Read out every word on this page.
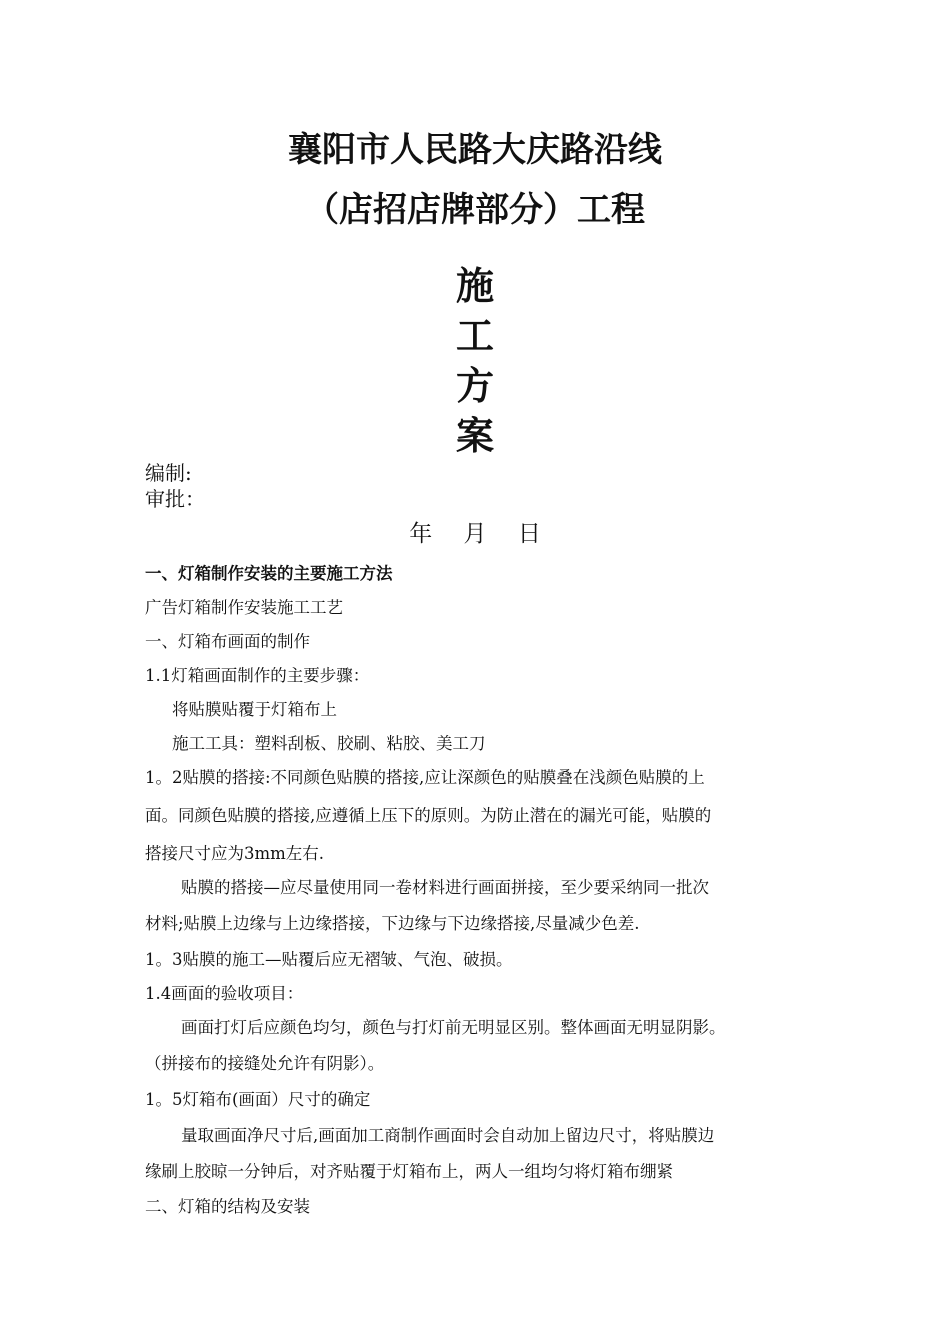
襄阳市人民路大庆路沿线
（店招店牌部分）工程
施
工
方
案
编制:
审批：
年 月 日
一、灯箱制作安装的主要施工方法
广告灯箱制作安装施工工艺
一、灯箱布画面的制作
1.1灯箱画面制作的主要步骤：
将贴膜贴覆于灯箱布上
施工工具：塑料刮板、胶刷、粘胶、美工刀
1。2贴膜的搭接:不同颜色贴膜的搭接,应让深颜色的贴膜叠在浅颜色贴膜的上
面。同颜色贴膜的搭接,应遵循上压下的原则。为防止潜在的漏光可能，贴膜的
搭接尺寸应为3mm左右.
贴膜的搭接—应尽量使用同一卷材料进行画面拼接，至少要采纳同一批次
材料;贴膜上边缘与上边缘搭接，下边缘与下边缘搭接,尽量减少色差.
1。3贴膜的施工—贴覆后应无褶皱、气泡、破损。
1.4画面的验收项目：
画面打灯后应颜色均匀，颜色与打灯前无明显区别。整体画面无明显阴影。
（拼接布的接缝处允许有阴影）。
1。5灯箱布(画面）尺寸的确定
量取画面净尺寸后,画面加工商制作画面时会自动加上留边尺寸，将贴膜边
缘刷上胶晾一分钟后，对齐贴覆于灯箱布上，两人一组均匀将灯箱布绷紧
二、灯箱的结构及安装
